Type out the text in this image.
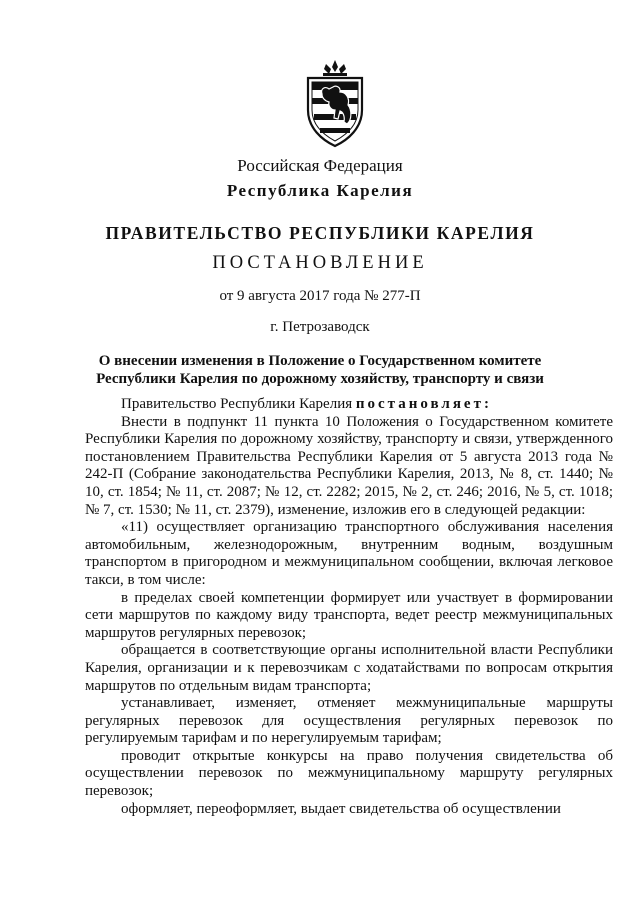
Российская Федерация
Республика Карелия
ПРАВИТЕЛЬСТВО РЕСПУБЛИКИ КАРЕЛИЯ
ПОСТАНОВЛЕНИЕ
от 9 августа 2017 года № 277-П
г. Петрозаводск
О внесении изменения в Положение о Государственном комитете
Республики Карелия по дорожному хозяйству, транспорту и связи

Правительство Республики Карелия постановляет:

Внести в подпункт 11 пункта 10 Положения о Государственном комитете Республики Карелия по дорожному хозяйству, транспорту и связи, утвержденного постановлением Правительства Республики Карелия от 5 августа 2013 года № 242-П (Собрание законодательства Республики Карелия, 2013, № 8, ст. 1440; № 10, ст. 1854; № 11, ст. 2087; № 12, ст. 2282; 2015, № 2, ст. 246; 2016, № 5, ст. 1018; № 7, ст. 1530; № 11, ст. 2379), изменение, изложив его в следующей редакции:

«11) осуществляет организацию транспортного обслуживания населения автомобильным, железнодорожным, внутренним водным, воздушным транспортом в пригородном и межмуниципальном сообщении, включая легковое такси, в том числе:

в пределах своей компетенции формирует или участвует в формировании сети маршрутов по каждому виду транспорта, ведет реестр межмуниципальных маршрутов регулярных перевозок;

обращается в соответствующие органы исполнительной власти Республики Карелия, организации и к перевозчикам с ходатайствами по вопросам открытия маршрутов по отдельным видам транспорта;

устанавливает, изменяет, отменяет межмуниципальные маршруты регулярных перевозок для осуществления регулярных перевозок по регулируемым тарифам и по нерегулируемым тарифам;

проводит открытые конкурсы на право получения свидетельства об осуществлении перевозок по межмуниципальному маршруту регулярных перевозок;

оформляет, переоформляет, выдает свидетельства об осуществлении
